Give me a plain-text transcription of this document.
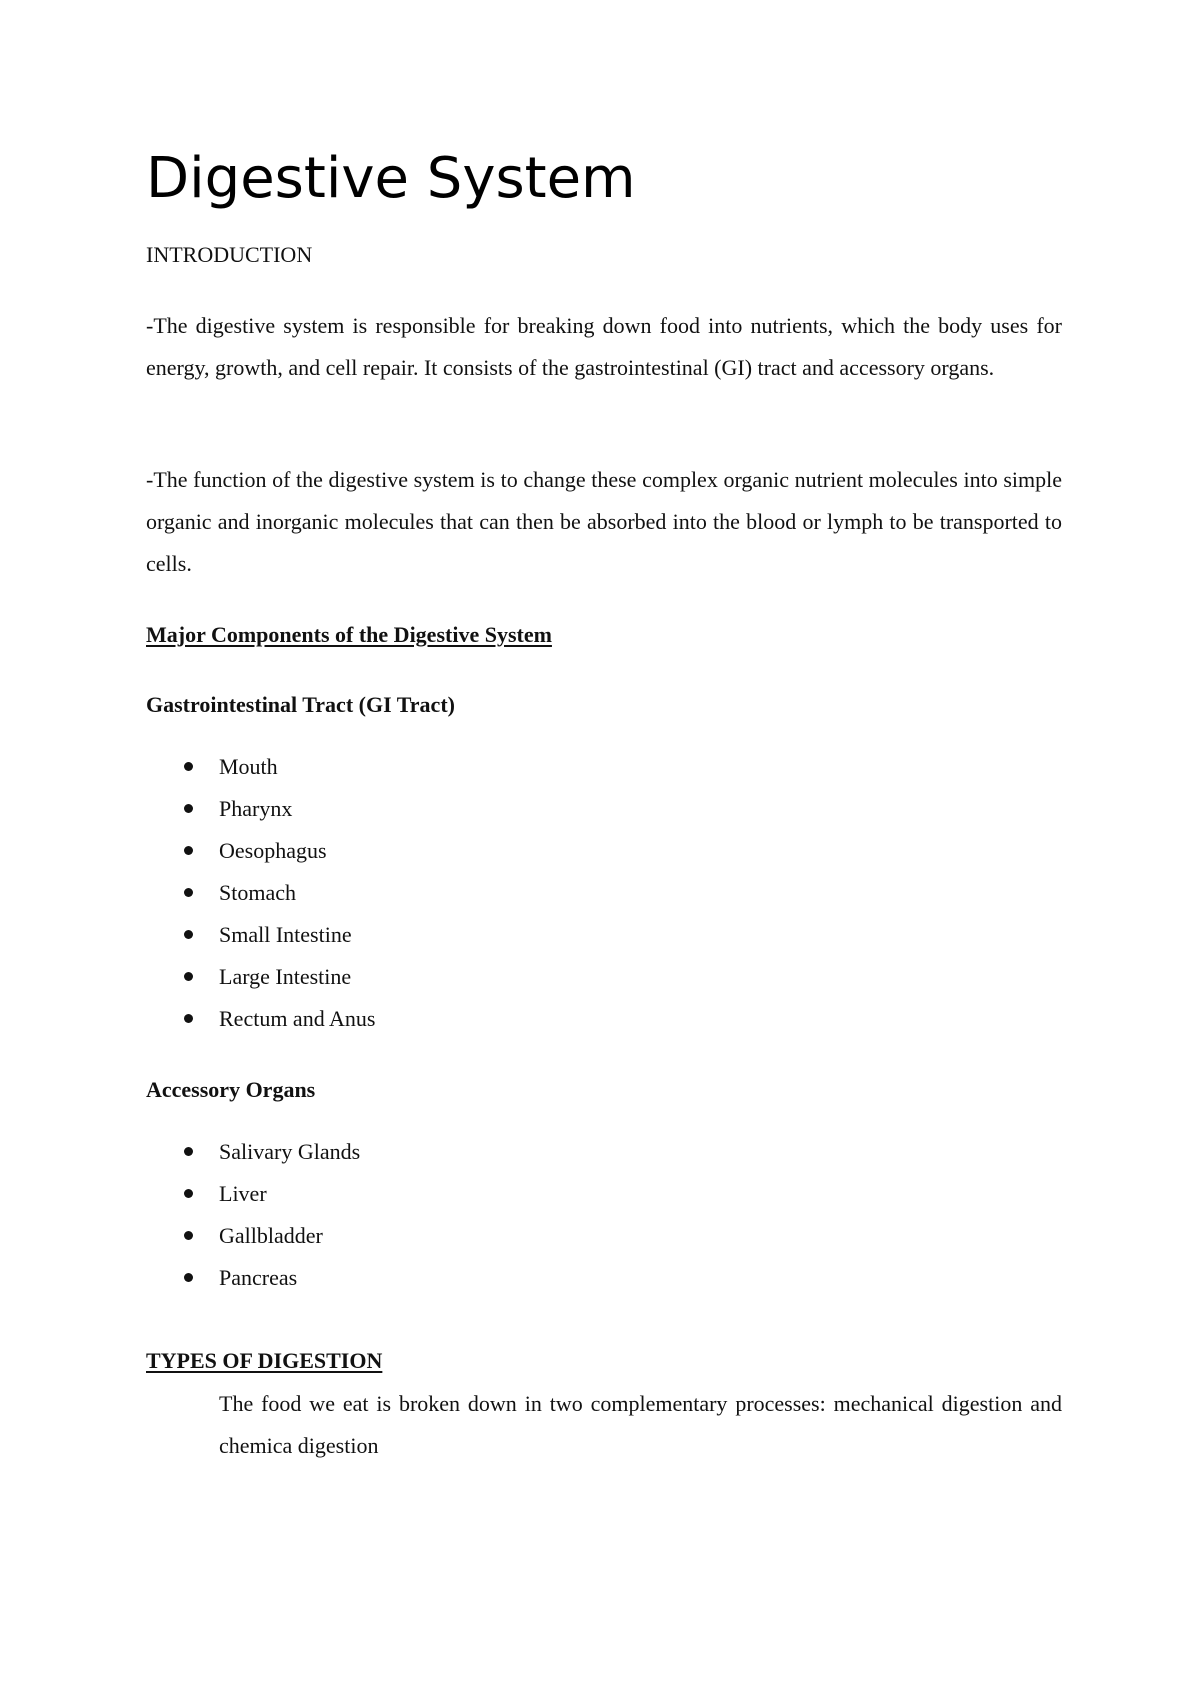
Digestive System

INTRODUCTION

-The digestive system is responsible for breaking down food into nutrients, which the body uses for energy, growth, and cell repair. It consists of the gastrointestinal (GI) tract and accessory organs.

-The function of the digestive system is to change these complex organic nutrient molecules into simple organic and inorganic molecules that can then be absorbed into the blood or lymph to be transported to cells.

Major Components of the Digestive System

Gastrointestinal Tract (GI Tract)

Mouth
Pharynx
Oesophagus
Stomach
Small Intestine
Large Intestine
Rectum and Anus

Accessory Organs

Salivary Glands
Liver
Gallbladder
Pancreas

TYPES OF DIGESTION

The food we eat is broken down in two complementary processes: mechanical digestion and chemica digestion
